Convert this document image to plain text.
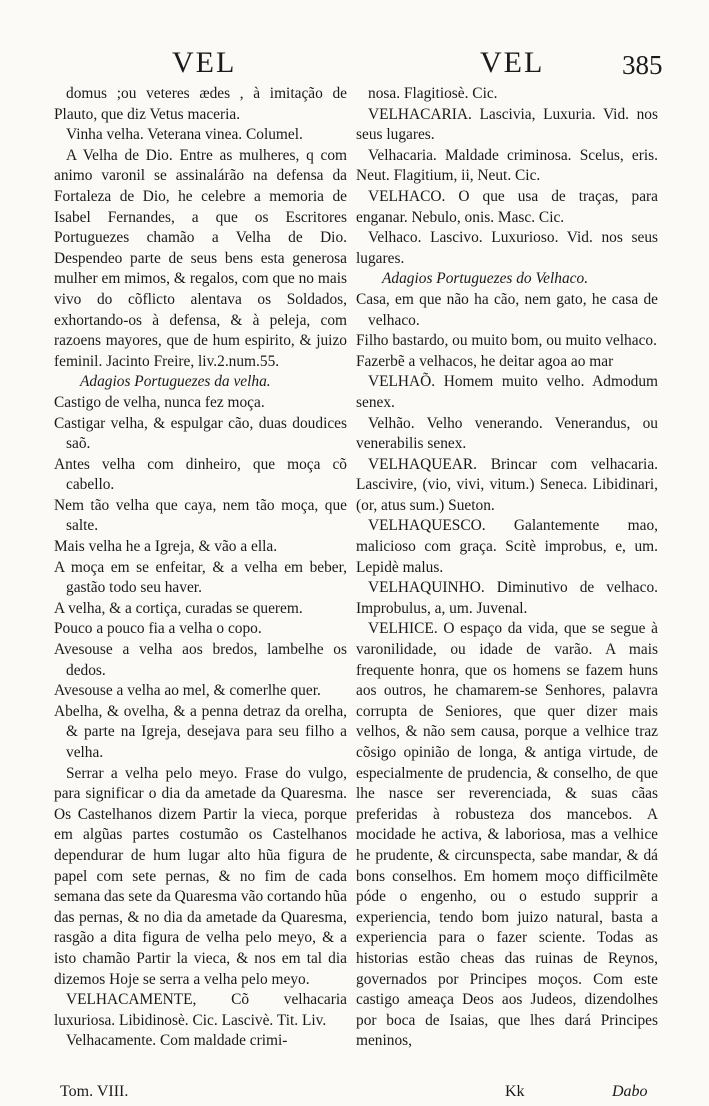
VEL	VEL	385

domus ;ou veteres ædes , à imitação de Plauto, que diz Vetus maceria.

Vinha velha. Veterana vinea. Columel.

A Velha de Dio. Entre as mulheres, q com animo varonil se assinalárão na defensa da Fortaleza de Dio, he celebre a memoria de Isabel Fernandes, a que os Escritores Portuguezes chamão a Velha de Dio. Despendeo parte de seus bens esta generosa mulher em mimos, & regalos, com que no mais vivo do cõflicto alentava os Soldados, exhortando-os à defensa, & à peleja, com razoens mayores, que de hum espirito, & juizo feminil. Jacinto Freire, liv.2.num.55.

Adagios Portuguezes da velha.

Castigo de velha, nunca fez moça.

Castigar velha, & espulgar cão, duas doudices saõ.

Antes velha com dinheiro, que moça cõ cabello.

Nem tão velha que caya, nem tão moça, que salte.

Mais velha he a Igreja, & vão a ella.

A moça em se enfeitar, & a velha em beber, gastão todo seu haver.

A velha, & a cortiça, curadas se querem.

Pouco a pouco fia a velha o copo.

Avesouse a velha aos bredos, lambelhe os dedos.

Avesouse a velha ao mel, & comerlhe quer.

Abelha, & ovelha, & a penna detraz da orelha, & parte na Igreja, desejava para seu filho a velha.

Serrar a velha pelo meyo. Frase do vulgo, para significar o dia da ametade da Quaresma. Os Castelhanos dizem Partir la vieca, porque em algũas partes costumão os Castelhanos dependurar de hum lugar alto hũa figura de papel com sete pernas, & no fim de cada semana das sete da Quaresma vão cortando hũa das pernas, & no dia da ametade da Quaresma, rasgão a dita figura de velha pelo meyo, & a isto chamão Partir la vieca, & nos em tal dia dizemos Hoje se serra a velha pelo meyo.

VELHACAMENTE, Cõ velhacaria luxuriosa. Libidinosè. Cic. Lascivè. Tit. Liv.

Velhacamente. Com maldade crimi-

nosa. Flagitiosè. Cic.

VELHACARIA. Lascivia, Luxuria. Vid. nos seus lugares.

Velhacaria. Maldade criminosa. Scelus, eris. Neut. Flagitium, ii, Neut. Cic.

VELHACO. O que usa de traças, para enganar. Nebulo, onis. Masc. Cic.

Velhaco. Lascivo. Luxurioso. Vid. nos seus lugares.

Adagios Portuguezes do Velhaco.

Casa, em que não ha cão, nem gato, he casa de velhaco.

Filho bastardo, ou muito bom, ou muito velhaco.

Fazerbẽ a velhacos, he deitar agoa ao mar

VELHAÕ. Homem muito velho. Admodum senex.

Velhão. Velho venerando. Venerandus, ou venerabilis senex.

VELHAQUEAR. Brincar com velhacaria. Lascivire, (vio, vivi, vitum.) Seneca. Libidinari, (or, atus sum.) Sueton.

VELHAQUESCO. Galantemente mao, malicioso com graça. Scitè improbus, e, um. Lepidè malus.

VELHAQUINHO. Diminutivo de velhaco. Improbulus, a, um. Juvenal.

VELHICE. O espaço da vida, que se segue à varonilidade, ou idade de varão. A mais frequente honra, que os homens se fazem huns aos outros, he chamarem-se Senhores, palavra corrupta de Seniores, que quer dizer mais velhos, & não sem causa, porque a velhice traz cõsigo opinião de longa, & antiga virtude, de especialmente de prudencia, & conselho, de que lhe nasce ser reverenciada, & suas cãas preferidas à robusteza dos mancebos. A mocidade he activa, & laboriosa, mas a velhice he prudente, & circunspecta, sabe mandar, & dá bons conselhos. Em homem moço difficilmẽte póde o engenho, ou o estudo supprir a experiencia, tendo bom juizo natural, basta a experiencia para o fazer sciente. Todas as historias estão cheas das ruinas de Reynos, governados por Principes moços. Com este castigo ameaça Deos aos Judeos, dizendolhes por boca de Isaias, que lhes dará Principes meninos,

Tom. VIII.	Kk	Dabo
